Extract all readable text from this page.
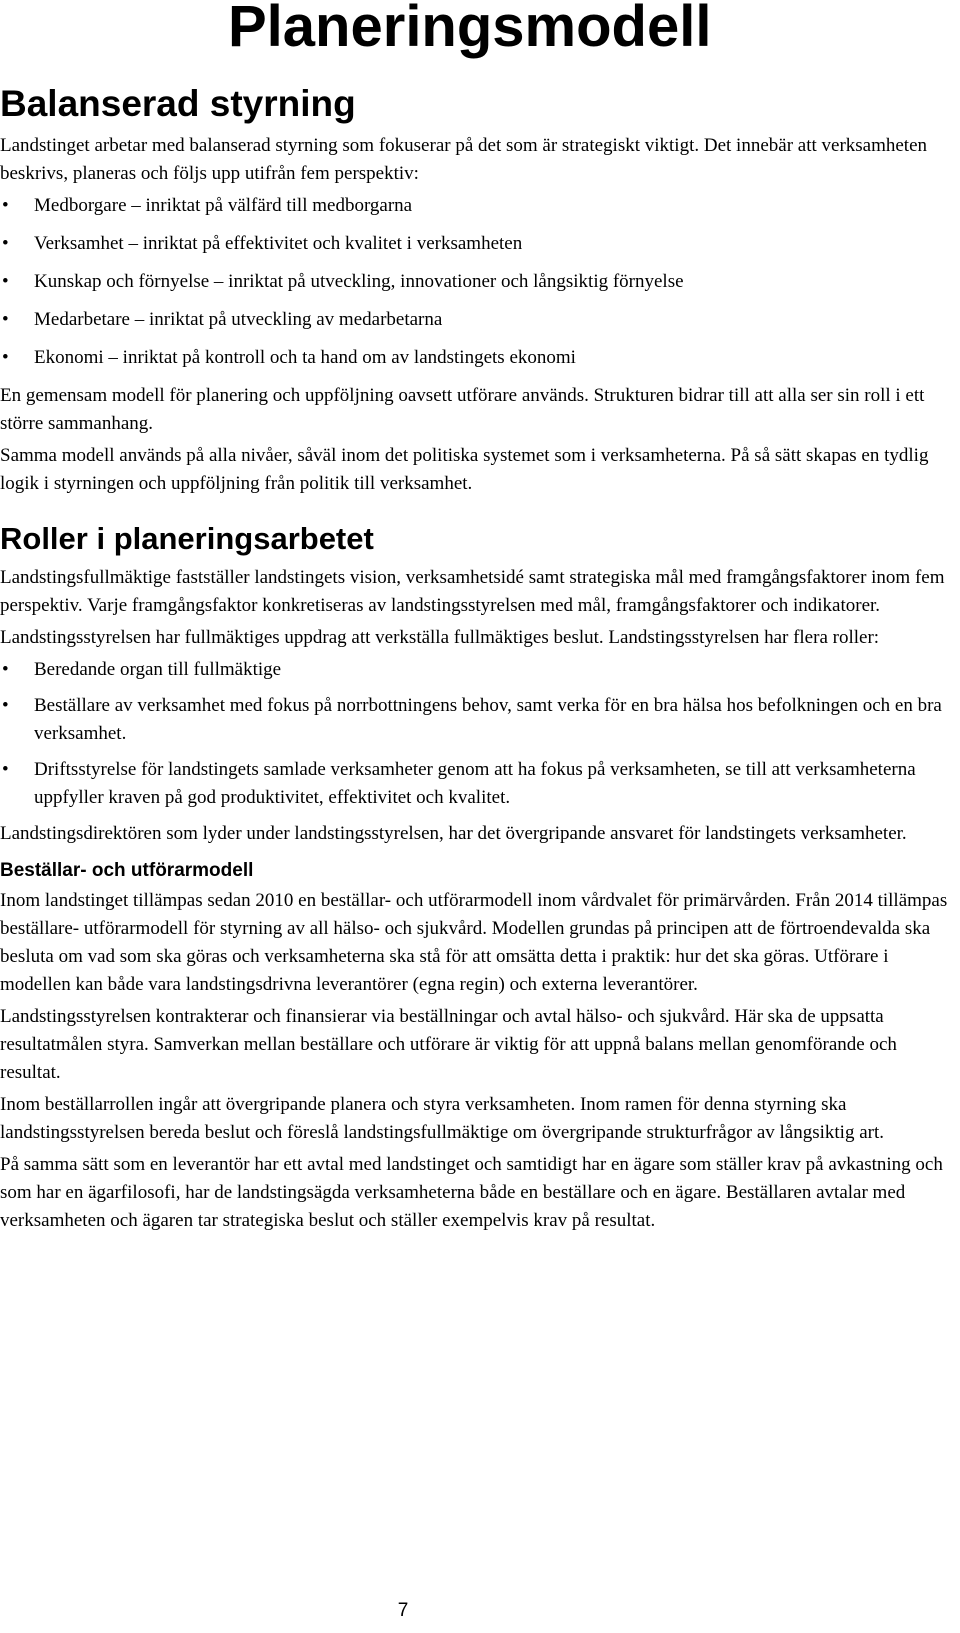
Planeringsmodell
Balanserad styrning

Landstinget arbetar med balanserad styrning som fokuserar på det som är strategiskt viktigt. Det innebär att verksamheten beskrivs, planeras och följs upp utifrån fem perspektiv:

• Medborgare – inriktat på välfärd till medborgarna
• Verksamhet – inriktat på effektivitet och kvalitet i verksamheten
• Kunskap och förnyelse – inriktat på utveckling, innovationer och långsiktig förnyelse
• Medarbetare – inriktat på utveckling av medarbetarna
• Ekonomi – inriktat på kontroll och ta hand om av landstingets ekonomi

En gemensam modell för planering och uppföljning oavsett utförare används. Strukturen bidrar till att alla ser sin roll i ett större sammanhang.

Samma modell används på alla nivåer, såväl inom det politiska systemet som i verksamheterna. På så sätt skapas en tydlig logik i styrningen och uppföljning från politik till verksamhet.

Roller i planeringsarbetet

Landstingsfullmäktige fastställer landstingets vision, verksamhetsidé samt strategiska mål med framgångsfaktorer inom fem perspektiv. Varje framgångsfaktor konkretiseras av landstingsstyrelsen med mål, framgångsfaktorer och indikatorer.

Landstingsstyrelsen har fullmäktiges uppdrag att verkställa fullmäktiges beslut. Landstingsstyrelsen har flera roller:

• Beredande organ till fullmäktige
• Beställare av verksamhet med fokus på norrbottningens behov, samt verka för en bra hälsa hos befolkningen och en bra verksamhet.
• Driftsstyrelse för landstingets samlade verksamheter genom att ha fokus på verksamheten, se till att verksamheterna uppfyller kraven på god produktivitet, effektivitet och kvalitet.

Landstingsdirektören som lyder under landstingsstyrelsen, har det övergripande ansvaret för landstingets verksamheter.

Beställar- och utförarmodell

Inom landstinget tillämpas sedan 2010 en beställar- och utförarmodell inom vårdvalet för primärvården. Från 2014 tillämpas beställare- utförarmodell för styrning av all hälso- och sjukvård. Modellen grundas på principen att de förtroendevalda ska besluta om vad som ska göras och verksamheterna ska stå för att omsätta detta i praktik: hur det ska göras. Utförare i modellen kan både vara landstingsdrivna leverantörer (egna regin) och externa leverantörer.

Landstingsstyrelsen kontrakterar och finansierar via beställningar och avtal hälso- och sjukvård. Här ska de uppsatta resultatmålen styra. Samverkan mellan beställare och utförare är viktig för att uppnå balans mellan genomförande och resultat.

Inom beställarrollen ingår att övergripande planera och styra verksamheten. Inom ramen för denna styrning ska landstingsstyrelsen bereda beslut och föreslå landstingsfullmäktige om övergripande strukturfrågor av långsiktig art.

På samma sätt som en leverantör har ett avtal med landstinget och samtidigt har en ägare som ställer krav på avkastning och som har en ägarfilosofi, har de landstingsägda verksamheterna både en beställare och en ägare. Beställaren avtalar med verksamheten och ägaren tar strategiska beslut och ställer exempelvis krav på resultat.

7
